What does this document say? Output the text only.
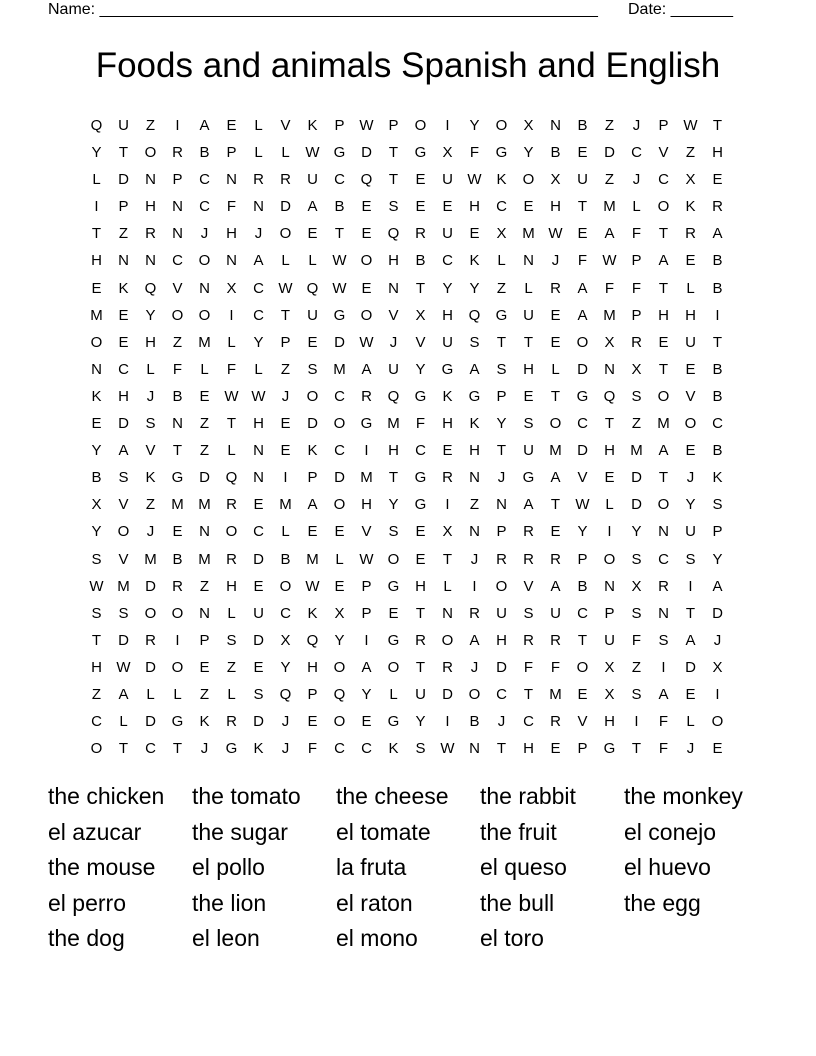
Name: ________________________________________________________ Date: _______
Foods and animals Spanish and English
Q	U	Z	I	A	E	L	V	K	P W P	O	I	Y	O	X	N	B	Z	J	P W	T
Y	T	O	R	B	P	L	L	W G	D	T	G	X	F	G	Y	B	E	D	C	V	Z	H
L	D	N	P	C	N	R	R	U	C	Q	T	E	U W K	O	X	U	Z	J	C	X	E
I	P	H	N	C	F	N	D	A	B	E	S	E	E	H	C	E	H	T	M	L	O	K	R
T	Z	R	N	J	H	J	O	E	T	E	Q	R	U	E	X	M W E	A	F	T	R	A
H	N	N	C	O	N	A	L	L	W O	H	B	C	K	L	N	J	F	W P	A	E	B
E	K	Q	V	N	X	C W Q W E	N	T	Y	Y	Z	L	R	A	F	F	T	L	B
M	E	Y	O	O	I	C	T	U	G	O	V	X	H	Q	G	U	E	A	M	P	H	H	I
O	E	H	Z	M	L	Y	P	E	D W	J	V	U	S	T	T	E	O	X	R	E	U	T
N	C	L	F	L	F	L	Z	S	M	A	U	Y	G	A	S	H	L	D	N	X	T	E	B
K	H	J	B	E W W	J	O	C	R	Q	G	K	G	P	E	T	G	Q	S	O	V	B
E	D	S	N	Z	T	H	E	D	O	G M	F	H	K	Y	S	O	C	T	Z	M O	C
Y	A	V	T	Z	L	N	E	K	C	I	H	C	E	H	T	U	M	D	H	M	A	E	B
B	S	K	G	D	Q	N	I	P	D	M	T	G	R	N	J	G	A	V	E	D	T	J	K
X	V	Z	M M	R	E	M	A	O	H	Y	G	I	Z	N	A	T	W	L	D	O	Y	S
Y	O	J	E	N	O	C	L	E	E	V	S	E	X	N	P	R	E	Y	I	Y	N	U	P
S	V	M	B	M	R	D	B	M	L	W O	E	T	J	R	R	R	P	O	S	C	S	Y
W M	D	R	Z	H	E	O W E	P	G	H	L	I	O	V	A	B	N	X	R	I	A
S	S	O	O	N	L	U	C	K	X	P	E	T	N	R	U	S	U	C	P	S	N	T	D
T	D	R	I	P	S	D	X	Q	Y	I	G	R	O	A	H	R	R	T	U	F	S	A	J
H W D	O	E	Z	E	Y	H	O	A	O	T	R	J	D	F	F	O	X	Z	I	D	X
Z	A	L	L	Z	L	S	Q	P	Q	Y	L	U	D	O	C	T	M	E	X	S	A	E	I
C	L	D	G	K	R	D	J	E	O	E	G	Y	I	B	J	C	R	V	H	I	F	L	O
O	T	C	T	J	G	K	J	F	C	C	K	S W N	T	H	E	P	G	T	F	J	E
the chicken	the tomato	the cheese	the rabbit	the monkey
el azucar	the sugar	el tomate	the fruit	el conejo
the mouse	el pollo	la fruta	el queso	el huevo
el perro	the lion	el raton	the bull	the egg
the dog	el leon	el mono	el toro
